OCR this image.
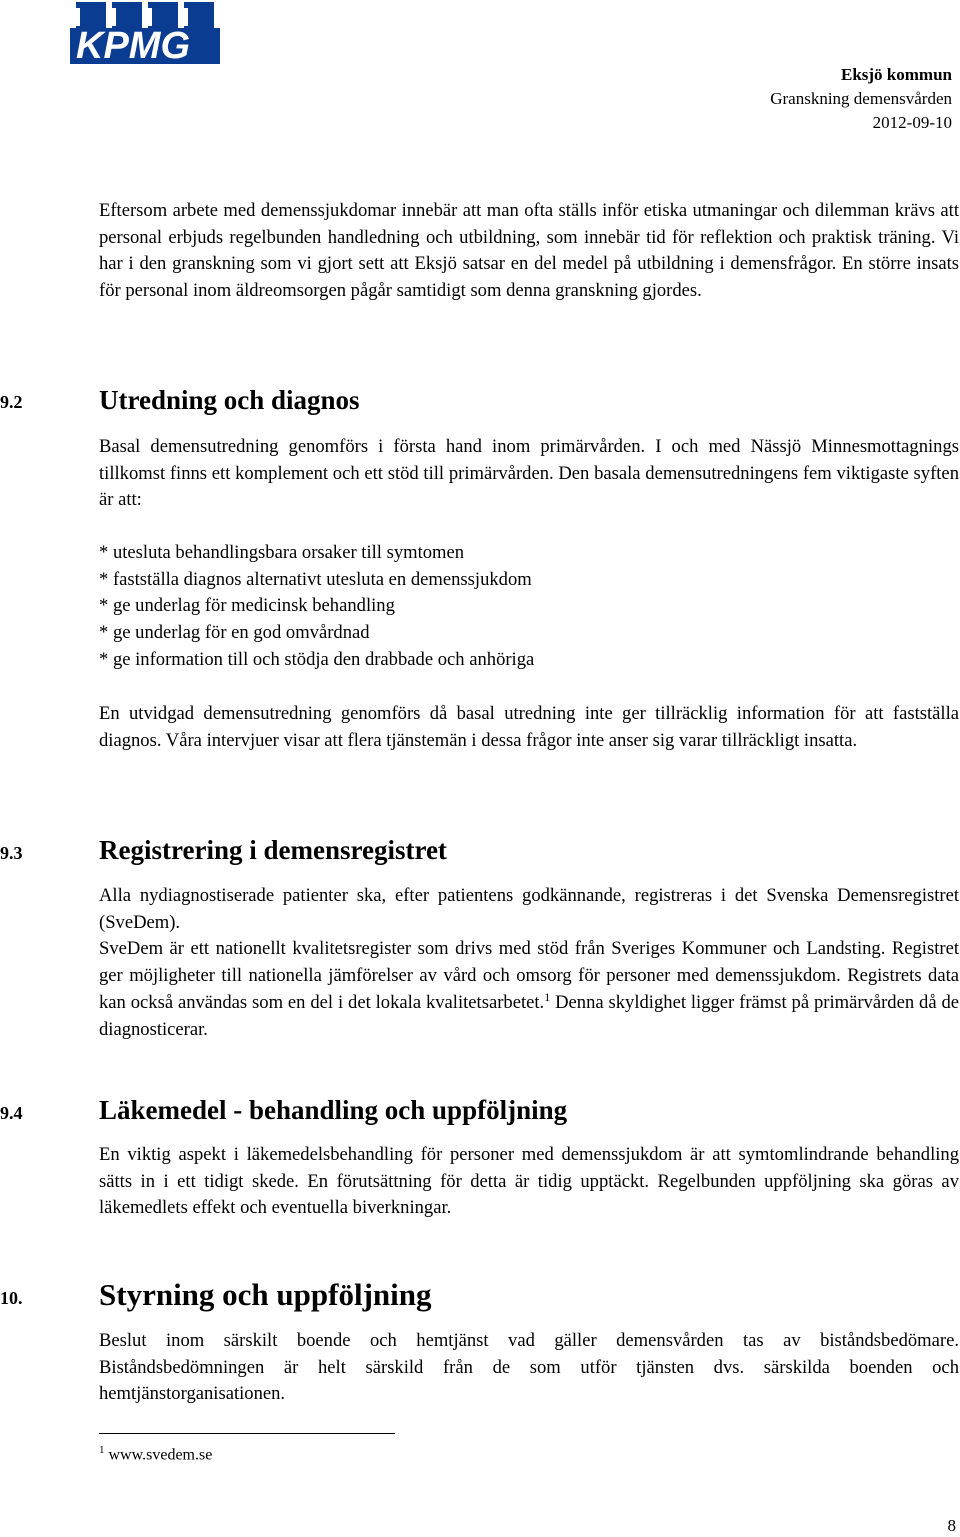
KPMG
Eksjö kommun
Granskning demensvården
2012-09-10

Eftersom arbete med demenssjukdomar innebär att man ofta ställs inför etiska utmaningar och dilemman krävs att personal erbjuds regelbunden handledning och utbildning, som innebär tid för reflektion och praktisk träning. Vi har i den granskning som vi gjort sett att Eksjö satsar en del medel på utbildning i demensfrågor. En större insats för personal inom äldreomsorgen pågår samtidigt som denna granskning gjordes.

9.2	Utredning och diagnos

Basal demensutredning genomförs i första hand inom primärvården. I och med Nässjö Minnesmottagnings tillkomst finns ett komplement och ett stöd till primärvården. Den basala demensutredningens fem viktigaste syften är att:

* utesluta behandlingsbara orsaker till symtomen
* fastställa diagnos alternativt utesluta en demenssjukdom
* ge underlag för medicinsk behandling
* ge underlag för en god omvårdnad
* ge information till och stödja den drabbade och anhöriga

En utvidgad demensutredning genomförs då basal utredning inte ger tillräcklig information för att fastställa diagnos. Våra intervjuer visar att flera tjänstemän i dessa frågor inte anser sig varar tillräckligt insatta.

9.3	Registrering i demensregistret

Alla nydiagnostiserade patienter ska, efter patientens godkännande, registreras i det Svenska Demensregistret (SveDem).

SveDem är ett nationellt kvalitetsregister som drivs med stöd från Sveriges Kommuner och Landsting. Registret ger möjligheter till nationella jämförelser av vård och omsorg för personer med demenssjukdom. Registrets data kan också användas som en del i det lokala kvalitetsarbetet.$^1$ Denna skyldighet ligger främst på primärvården då de diagnosticerar.

9.4	Läkemedel - behandling och uppföljning

En viktig aspekt i läkemedelsbehandling för personer med demenssjukdom är att symtomlindrande behandling sätts in i ett tidigt skede. En förutsättning för detta är tidig upptäckt. Regelbunden uppföljning ska göras av läkemedlets effekt och eventuella biverkningar.

10. Styrning och uppföljning

Beslut inom särskilt boende och hemtjänst vad gäller demensvården tas av biståndsbedömare. Biståndsbedömningen är helt särskild från de som utför tjänsten dvs. särskilda boenden och hemtjänstorganisationen.

$^1$ www.svedem.se
8
